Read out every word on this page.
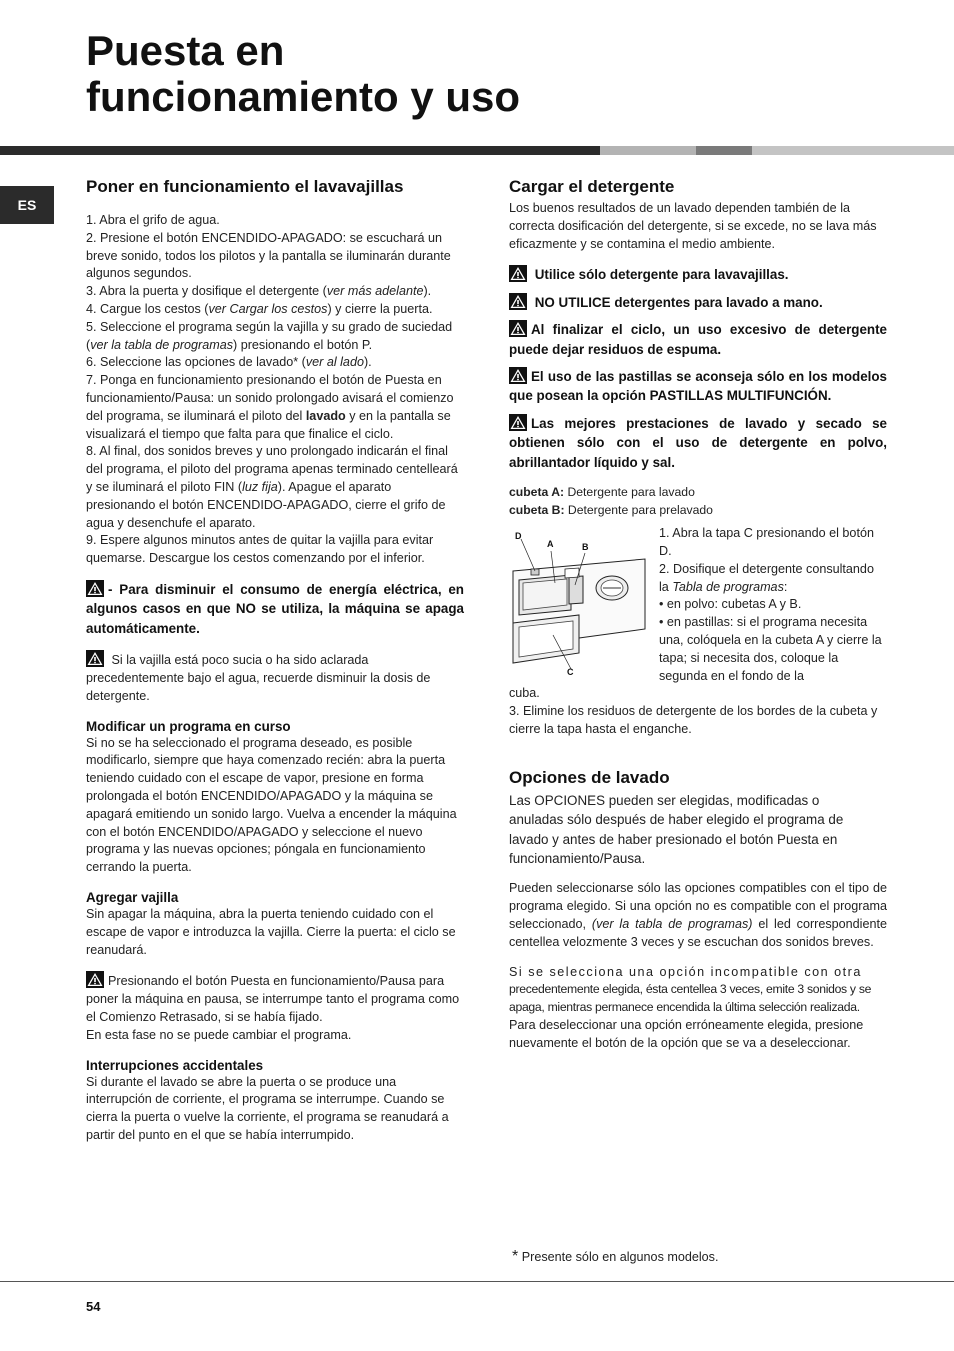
Puesta en
funcionamiento y uso
ES
Poner en funcionamiento el lavavajillas

1. Abra el grifo de agua.

2. Presione el botón ENCENDIDO-APAGADO: se escuchará un breve sonido, todos los pilotos y la pantalla se iluminarán durante algunos segundos.

3. Abra la puerta y dosifique el detergente (ver más adelante).

4. Cargue los cestos (ver Cargar los cestos) y cierre la puerta.

5. Seleccione el programa según la vajilla y su grado de suciedad (ver la tabla de programas) presionando el botón P.

6. Seleccione las opciones de lavado* (ver al lado).

7. Ponga en funcionamiento presionando el botón de Puesta en funcionamiento/Pausa: un sonido prolongado avisará el comienzo del programa, se iluminará el piloto del lavado y en la pantalla se visualizará el tiempo que falta para que finalice el ciclo.

8. Al final, dos sonidos breves y uno prolongado indicarán el final del programa, el piloto del programa apenas terminado centelleará y se iluminará el piloto FIN (luz fija). Apague el aparato presionando el botón ENCENDIDO-APAGADO, cierre el grifo de agua y desenchufe el aparato.

9. Espere algunos minutos antes de quitar la vajilla para evitar quemarse. Descargue los cestos comenzando por el inferior.

- Para disminuir el consumo de energía eléctrica, en algunos casos en que NO se utiliza, la máquina se apaga automáticamente.

Si la vajilla está poco sucia o ha sido aclarada precedentemente bajo el agua, recuerde disminuir la dosis de detergente.

Modificar un programa en curso

Si no se ha seleccionado el programa deseado, es posible modificarlo, siempre que haya comenzado recién: abra la puerta teniendo cuidado con el escape de vapor, presione en forma prolongada el botón ENCENDIDO/APAGADO y la máquina se apagará emitiendo un sonido largo. Vuelva a encender la máquina con el botón ENCENDIDO/APAGADO y seleccione el nuevo programa y las nuevas opciones; póngala en funcionamiento cerrando la puerta.

Agregar vajilla

Sin apagar la máquina, abra la puerta teniendo cuidado con el escape de vapor e introduzca la vajilla. Cierre la puerta: el ciclo se reanudará.

Presionando el botón Puesta en funcionamiento/Pausa para poner la máquina en pausa, se interrumpe tanto el programa como el Comienzo Retrasado, si se había fijado.

En esta fase no se puede cambiar el programa.

Interrupciones accidentales

Si durante el lavado se abre la puerta o se produce una interrupción de corriente, el programa se interrumpe. Cuando se cierra la puerta o vuelve la corriente, el programa se reanudará a partir del punto en el que se había interrumpido.

Cargar el detergente

Los buenos resultados de un lavado dependen también de la correcta dosificación del detergente, si se excede, no se lava más eficazmente y se contamina el medio ambiente.

Utilice sólo detergente para lavavajillas.

NO UTILICE detergentes para lavado a mano.

Al finalizar el ciclo, un uso excesivo de detergente puede dejar residuos de espuma.

El uso de las pastillas se aconseja sólo en los modelos que posean la opción PASTILLAS MULTIFUNCIÓN.

Las mejores prestaciones de lavado y secado se obtienen sólo con el uso de detergente en polvo, abrillantador líquido y sal.

cubeta A: Detergente para lavado

cubeta B: Detergente para prelavado

D
A	B
C

1. Abra la tapa C presionando el botón D.

2. Dosifique el detergente consultando la Tabla de programas:

• en polvo: cubetas A y B.

• en pastillas: si el programa necesita una, colóquela en la cubeta A y cierre la tapa; si necesita dos, coloque la segunda en el fondo de la

cuba.

3. Elimine los residuos de detergente de los bordes de la cubeta y cierre la tapa hasta el enganche.

Opciones de lavado

Las OPCIONES pueden ser elegidas, modificadas o anuladas sólo después de haber elegido el programa de lavado y antes de haber presionado el botón Puesta en funcionamiento/Pausa.

Pueden seleccionarse sólo las opciones compatibles con el tipo de programa elegido. Si una opción no es compatible con el programa seleccionado, (ver la tabla de programas) el led correspondiente centellea velozmente 3 veces y se escuchan dos sonidos breves.

Si se selecciona una opción incompatible con otra
precedentemente elegida, ésta centellea 3 veces, emite 3 sonidos y se apaga, mientras permanece encendida la última selección realizada.

Para deseleccionar una opción erróneamente elegida, presione nuevamente el botón de la opción que se va a deseleccionar.

* Presente sólo en algunos modelos.
54
